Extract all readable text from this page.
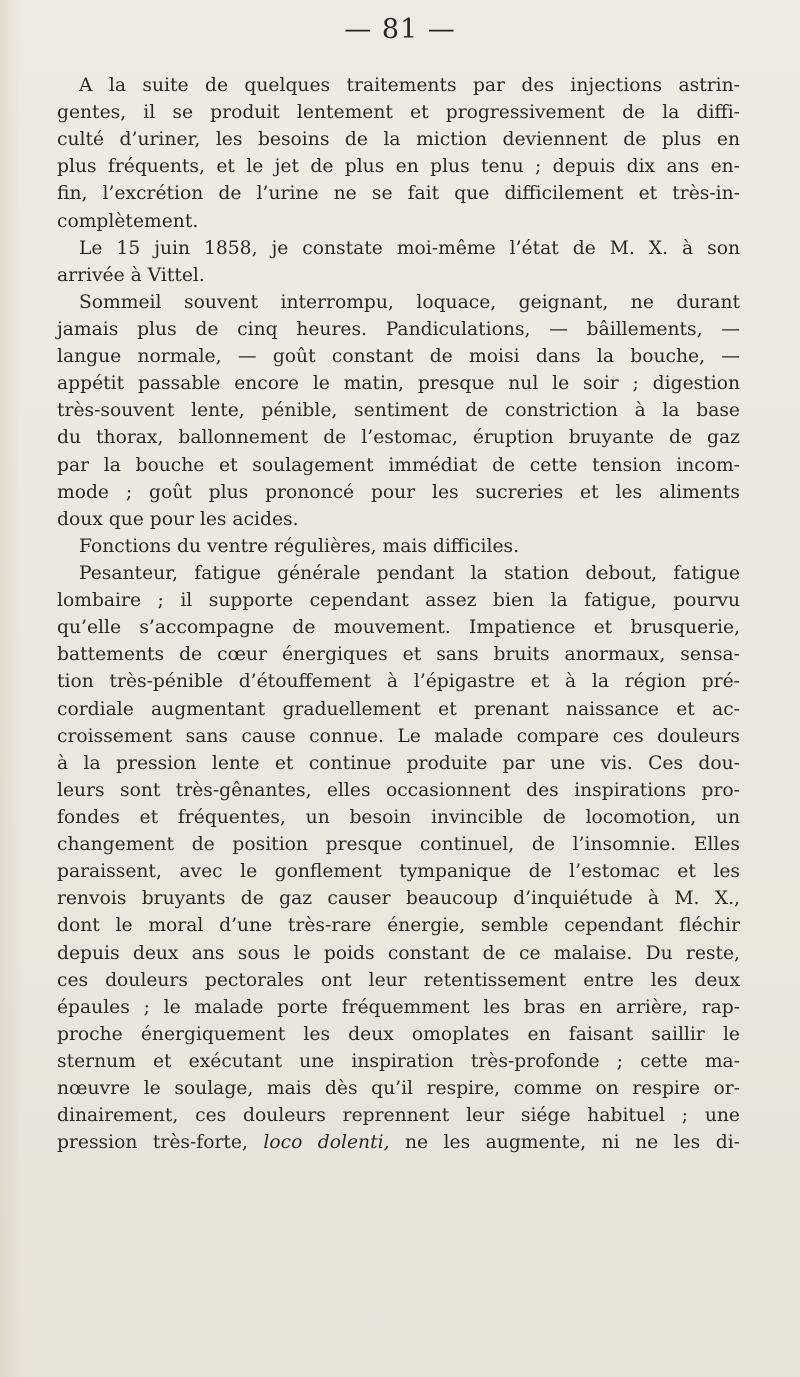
— 81 —
A la suite de quelques traitements par des injections astrin-
gentes, il se produit lentement et progressivement de la diffi-
culté d’uriner, les besoins de la miction deviennent de plus en
plus fréquents, et le jet de plus en plus tenu ; depuis dix ans en-
fin, l’excrétion de l’urine ne se fait que difficilement et très-in-
complètement.
Le 15 juin 1858, je constate moi-même l’état de M. X. à son
arrivée à Vittel.
Sommeil souvent interrompu, loquace, geignant, ne durant
jamais plus de cinq heures. Pandiculations, — bâillements, —
langue normale, — goût constant de moisi dans la bouche, —
appétit passable encore le matin, presque nul le soir ; digestion
très-souvent lente, pénible, sentiment de constriction à la base
du thorax, ballonnement de l’estomac, éruption bruyante de gaz
par la bouche et soulagement immédiat de cette tension incom-
mode ; goût plus prononcé pour les sucreries et les aliments
doux que pour les acides.
Fonctions du ventre régulières, mais difficiles.
Pesanteur, fatigue générale pendant la station debout, fatigue
lombaire ; il supporte cependant assez bien la fatigue, pourvu
qu’elle s’accompagne de mouvement. Impatience et brusquerie,
battements de cœur énergiques et sans bruits anormaux, sensa-
tion très-pénible d’étouffement à l’épigastre et à la région pré-
cordiale augmentant graduellement et prenant naissance et ac-
croissement sans cause connue. Le malade compare ces douleurs
à la pression lente et continue produite par une vis. Ces dou-
leurs sont très-gênantes, elles occasionnent des inspirations pro-
fondes et fréquentes, un besoin invincible de locomotion, un
changement de position presque continuel, de l’insomnie. Elles
paraissent, avec le gonflement tympanique de l’estomac et les
renvois bruyants de gaz causer beaucoup d’inquiétude à M. X.,
dont le moral d’une très-rare énergie, semble cependant fléchir
depuis deux ans sous le poids constant de ce malaise. Du reste,
ces douleurs pectorales ont leur retentissement entre les deux
épaules ; le malade porte fréquemment les bras en arrière, rap-
proche énergiquement les deux omoplates en faisant saillir le
sternum et exécutant une inspiration très-profonde ; cette ma-
nœuvre le soulage, mais dès qu’il respire, comme on respire or-
dinairement, ces douleurs reprennent leur siége habituel ; une
pression très-forte, loco dolenti, ne les augmente, ni ne les di-
